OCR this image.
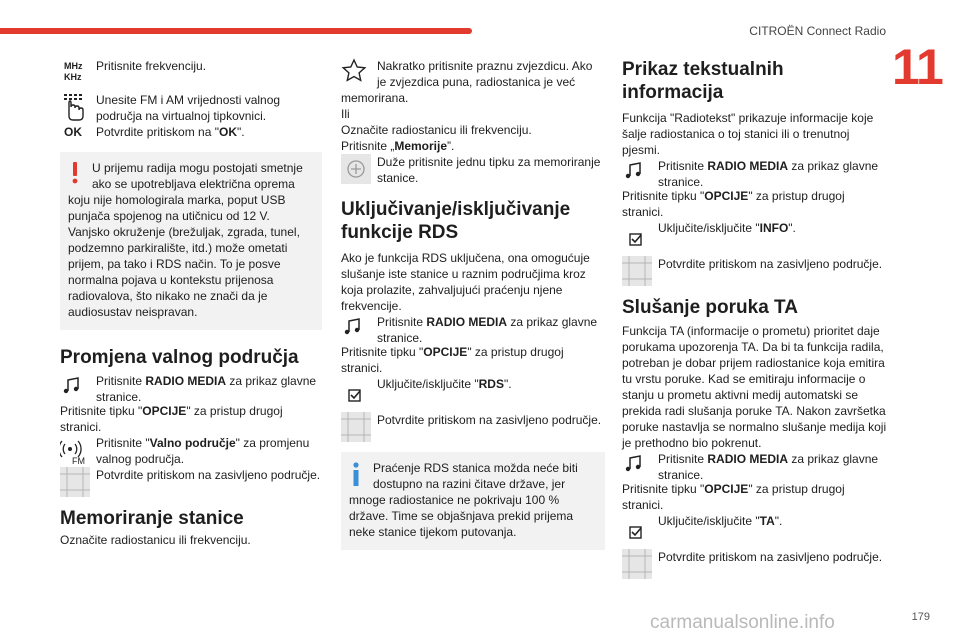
CITROËN Connect Radio
11
MHz
KHz

Pritisnite frekvenciju.

OK

Unesite FM i AM vrijednosti valnog područja na virtualnoj tipkovnici.

Potvrdite pritiskom na "OK".

U prijemu radija mogu postojati smetnje ako se upotrebljava električna oprema

koju nije homologirala marka, poput USB punjača spojenog na utičnicu od 12 V. Vanjsko okruženje (brežuljak, zgrada, tunel, podzemno parkiralište, itd.) može ometati prijem, pa tako i RDS način. To je posve normalna pojava u kontekstu prijenosa radiovalova, što nikako ne znači da je audiosustav neispravan.

Promjena valnog područja

Pritisnite RADIO MEDIA za prikaz glavne stranice.

Pritisnite tipku "OPCIJE" za pristup drugoj stranici.

FM

Pritisnite "Valno područje" za promjenu valnog područja.

Potvrdite pritiskom na zasivljeno područje.

Memoriranje stanice

Označite radiostanicu ili frekvenciju.

Nakratko pritisnite praznu zvjezdicu. Ako je zvjezdica puna, radiostanica je već

memorirana.

Ili

Označite radiostanicu ili frekvenciju.

Pritisnite „Memorije”.

Duže pritisnite jednu tipku za memoriranje stanice.

Uključivanje/isključivanje funkcije RDS

Ako je funkcija RDS uključena, ona omogućuje slušanje iste stanice u raznim područjima kroz koja prolazite, zahvaljujući praćenju njene frekvencije.

Pritisnite RADIO MEDIA za prikaz glavne stranice.

Pritisnite tipku "OPCIJE" za pristup drugoj stranici.

Uključite/isključite "RDS".

Potvrdite pritiskom na zasivljeno područje.

Praćenje RDS stanica možda neće biti dostupno na razini čitave države, jer

mnoge radiostanice ne pokrivaju 100 % države. Time se objašnjava prekid prijema neke stanice tijekom putovanja.

Prikaz tekstualnih informacija

Funkcija "Radiotekst" prikazuje informacije koje šalje radiostanica o toj stanici ili o trenutnoj pjesmi.

Pritisnite RADIO MEDIA za prikaz glavne stranice.

Pritisnite tipku "OPCIJE" za pristup drugoj stranici.

Uključite/isključite "INFO".

Potvrdite pritiskom na zasivljeno područje.

Slušanje poruka TA

Funkcija TA (informacije o prometu) prioritet daje porukama upozorenja TA. Da bi ta funkcija radila, potreban je dobar prijem radiostanice koja emitira tu vrstu poruke. Kad se emitiraju informacije o stanju u prometu aktivni medij automatski se prekida radi slušanja poruke TA. Nakon završetka poruke nastavlja se normalno slušanje medija koji je prethodno bio pokrenut.

Pritisnite RADIO MEDIA za prikaz glavne stranice.

Pritisnite tipku "OPCIJE" za pristup drugoj stranici.

Uključite/isključite "TA".

Potvrdite pritiskom na zasivljeno područje.

carmanualsonline.info	179
